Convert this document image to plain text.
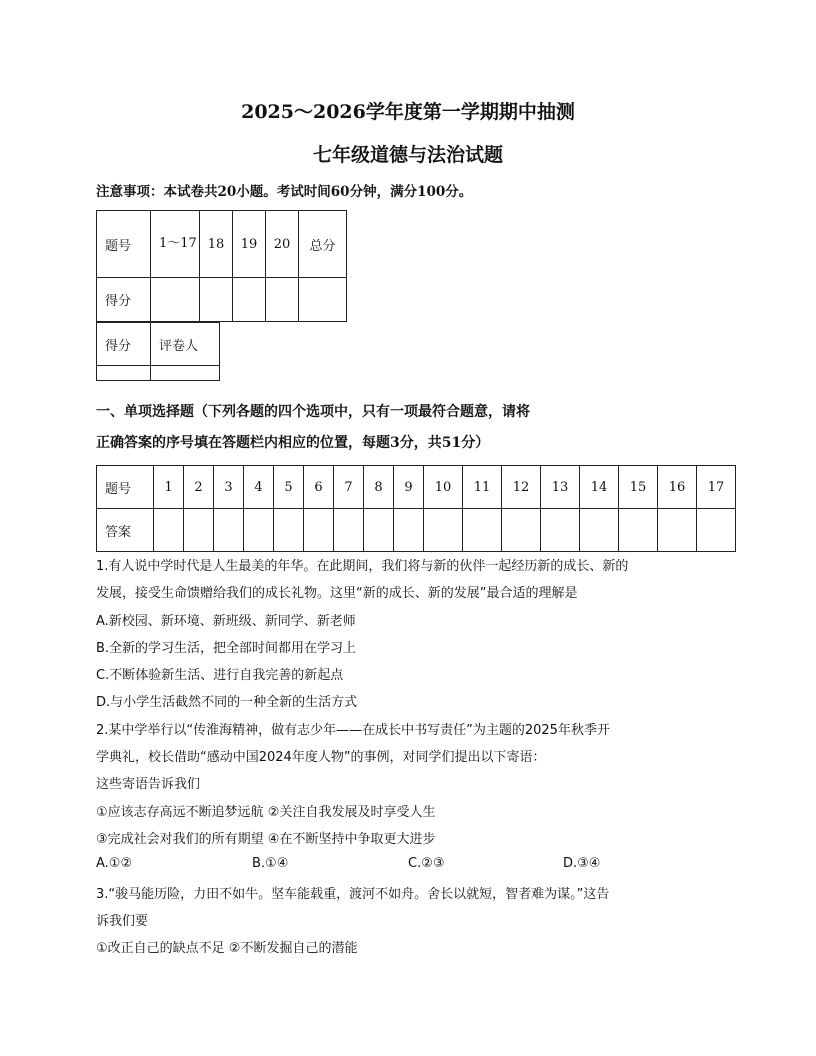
2025～2026学年度第一学期期中抽测
七年级道德与法治试题
注意事项：本试卷共20小题。考试时间60分钟，满分100分。
题号	1～17	18	19	20	总分
得分					
得分	评卷人

一、单项选择题（下列各题的四个选项中，只有一项最符合题意，请将
正确答案的序号填在答题栏内相应的位置，每题3分，共51分）
题号	1	2	3	4	5	6	7	8	9	10	11	12	13	14	15	16	17
答案																	
1.有人说中学时代是人生最美的年华。在此期间，我们将与新的伙伴一起经历新的成长、新的
发展，接受生命馈赠给我们的成长礼物。这里“新的成长、新的发展”最合适的理解是
A.新校园、新环境、新班级、新同学、新老师
B.全新的学习生活，把全部时间都用在学习上
C.不断体验新生活、进行自我完善的新起点
D.与小学生活截然不同的一种全新的生活方式
2.某中学举行以“传淮海精神，做有志少年——在成长中书写责任”为主题的2025年秋季开
学典礼，校长借助“感动中国2024年度人物”的事例，对同学们提出以下寄语：
这些寄语告诉我们
①应该志存高远不断追梦远航 ②关注自我发展及时享受人生
③完成社会对我们的所有期望 ④在不断坚持中争取更大进步
A.①②	B.①④	C.②③	D.③④
3.“骏马能历险，力田不如牛。坚车能载重，渡河不如舟。舍长以就短，智者难为谋。”这告
诉我们要
①改正自己的缺点不足 ②不断发掘自己的潜能
